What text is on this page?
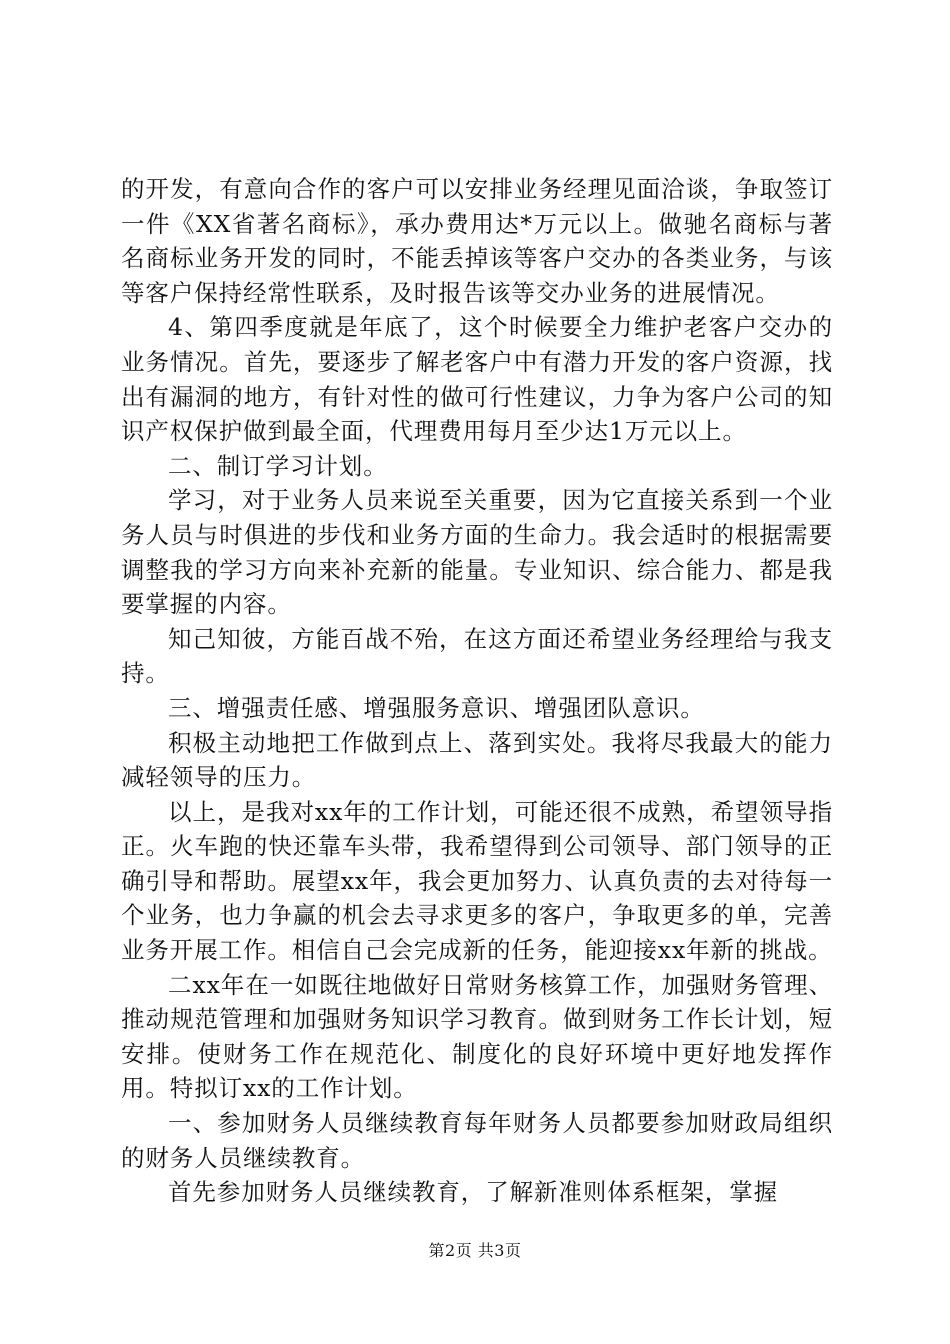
的开发，有意向合作的客户可以安排业务经理见面洽谈，争取签订一件《XX省著名商标》，承办费用达*万元以上。做驰名商标与著名商标业务开发的同时，不能丢掉该等客户交办的各类业务，与该等客户保持经常性联系，及时报告该等交办业务的进展情况。

4、第四季度就是年底了，这个时候要全力维护老客户交办的业务情况。首先，要逐步了解老客户中有潜力开发的客户资源，找出有漏洞的地方，有针对性的做可行性建议，力争为客户公司的知识产权保护做到最全面，代理费用每月至少达1万元以上。

二、制订学习计划。

学习，对于业务人员来说至关重要，因为它直接关系到一个业务人员与时俱进的步伐和业务方面的生命力。我会适时的根据需要调整我的学习方向来补充新的能量。专业知识、综合能力、都是我要掌握的内容。

知己知彼，方能百战不殆，在这方面还希望业务经理给与我支持。

三、增强责任感、增强服务意识、增强团队意识。

积极主动地把工作做到点上、落到实处。我将尽我最大的能力减轻领导的压力。

以上，是我对xx年的工作计划，可能还很不成熟，希望领导指正。火车跑的快还靠车头带，我希望得到公司领导、部门领导的正确引导和帮助。展望xx年，我会更加努力、认真负责的去对待每一个业务，也力争赢的机会去寻求更多的客户，争取更多的单，完善业务开展工作。相信自己会完成新的任务，能迎接xx年新的挑战。

二xx年在一如既往地做好日常财务核算工作，加强财务管理、推动规范管理和加强财务知识学习教育。做到财务工作长计划，短安排。使财务工作在规范化、制度化的良好环境中更好地发挥作用。特拟订xx的工作计划。

一、参加财务人员继续教育每年财务人员都要参加财政局组织的财务人员继续教育。

首先参加财务人员继续教育，了解新准则体系框架，掌握

第2页 共3页
